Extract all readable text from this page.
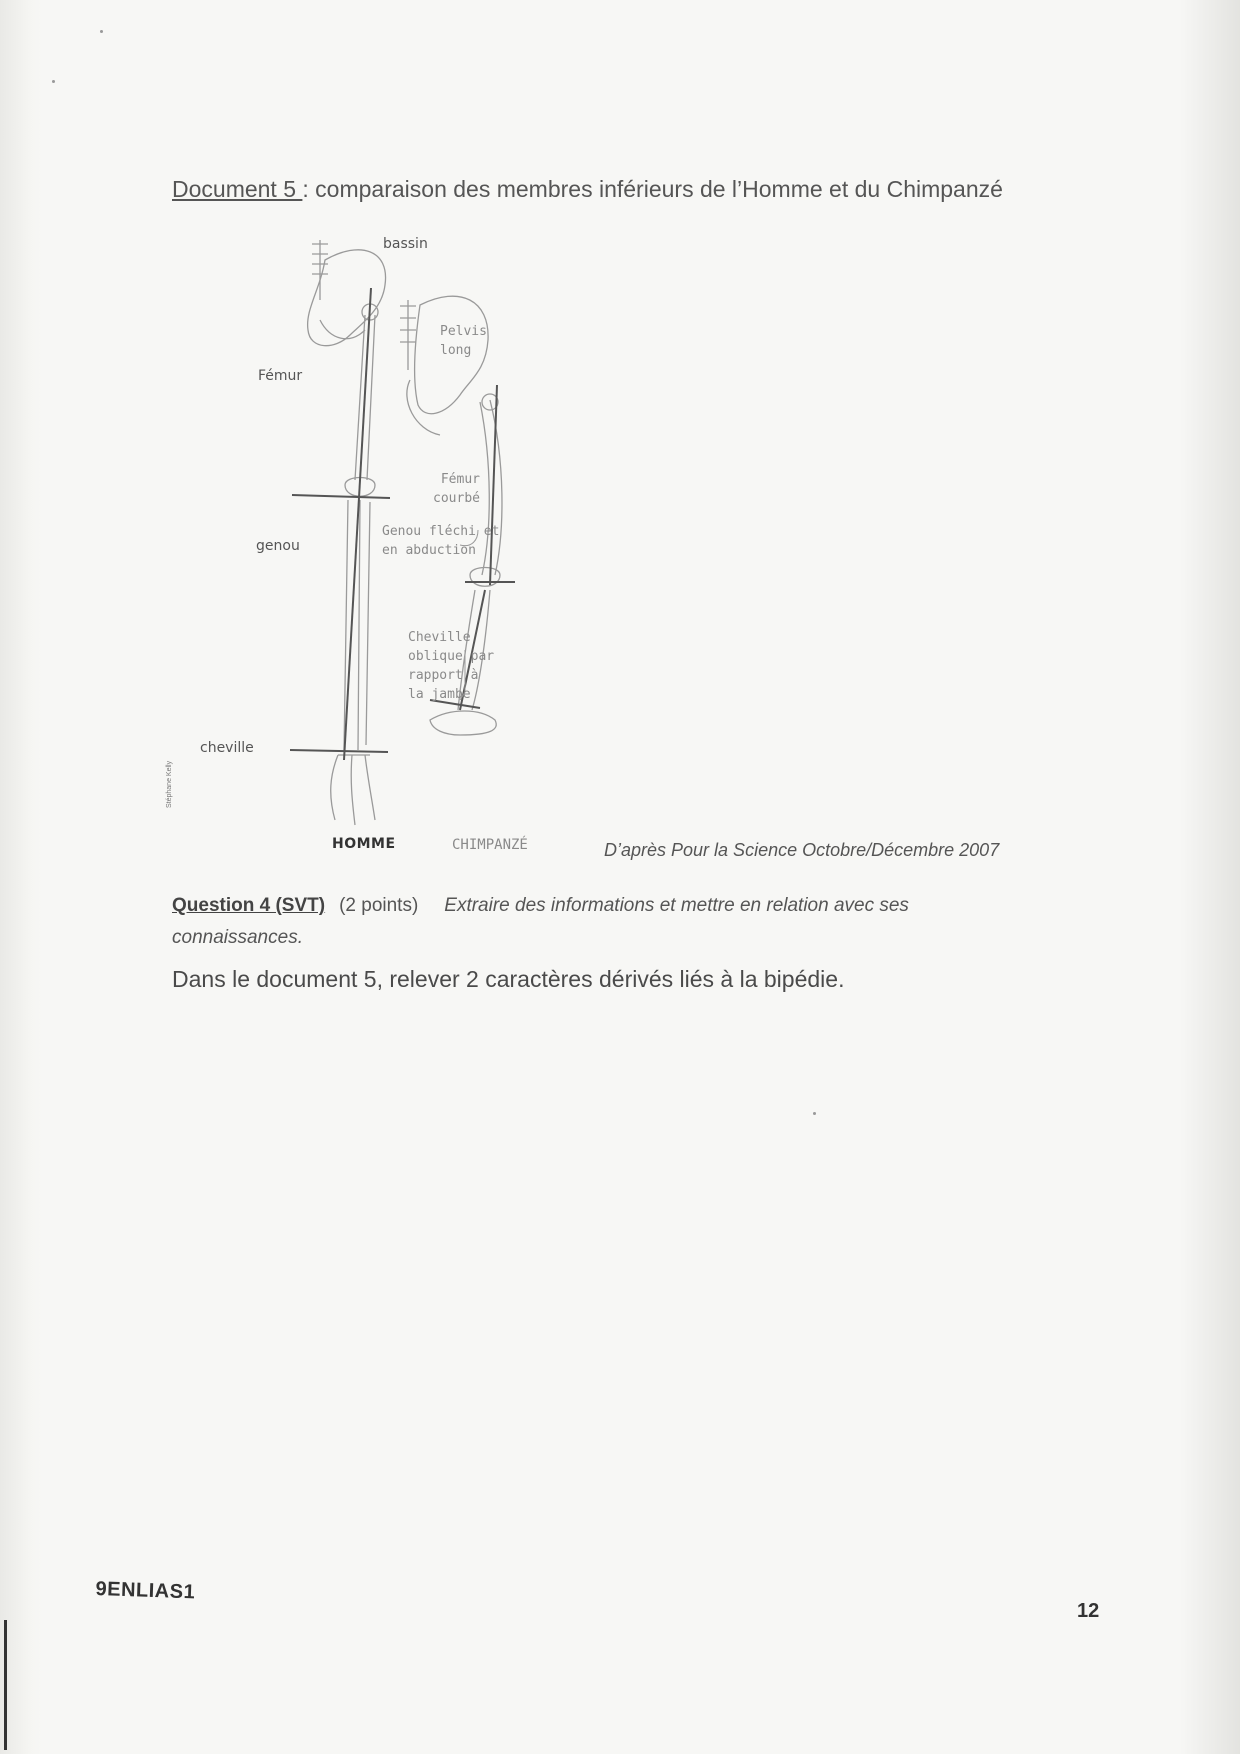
Document 5 : comparaison des membres inférieurs de l’Homme et du Chimpanzé
bassin
Pelvis
long
Fémur
Fémur
courbé
genou
Genou fléchi et
en abduction
Cheville
oblique par
rapport à
la jambe
cheville
HOMME	CHIMPANZÉ
Stéphane Kelly
D’après Pour la Science Octobre/Décembre 2007
Question 4 (SVT) (2 points) Extraire des informations et mettre en relation avec ses
connaissances.
Dans le document 5, relever 2 caractères dérivés liés à la bipédie.
9ENLIAS1
12
